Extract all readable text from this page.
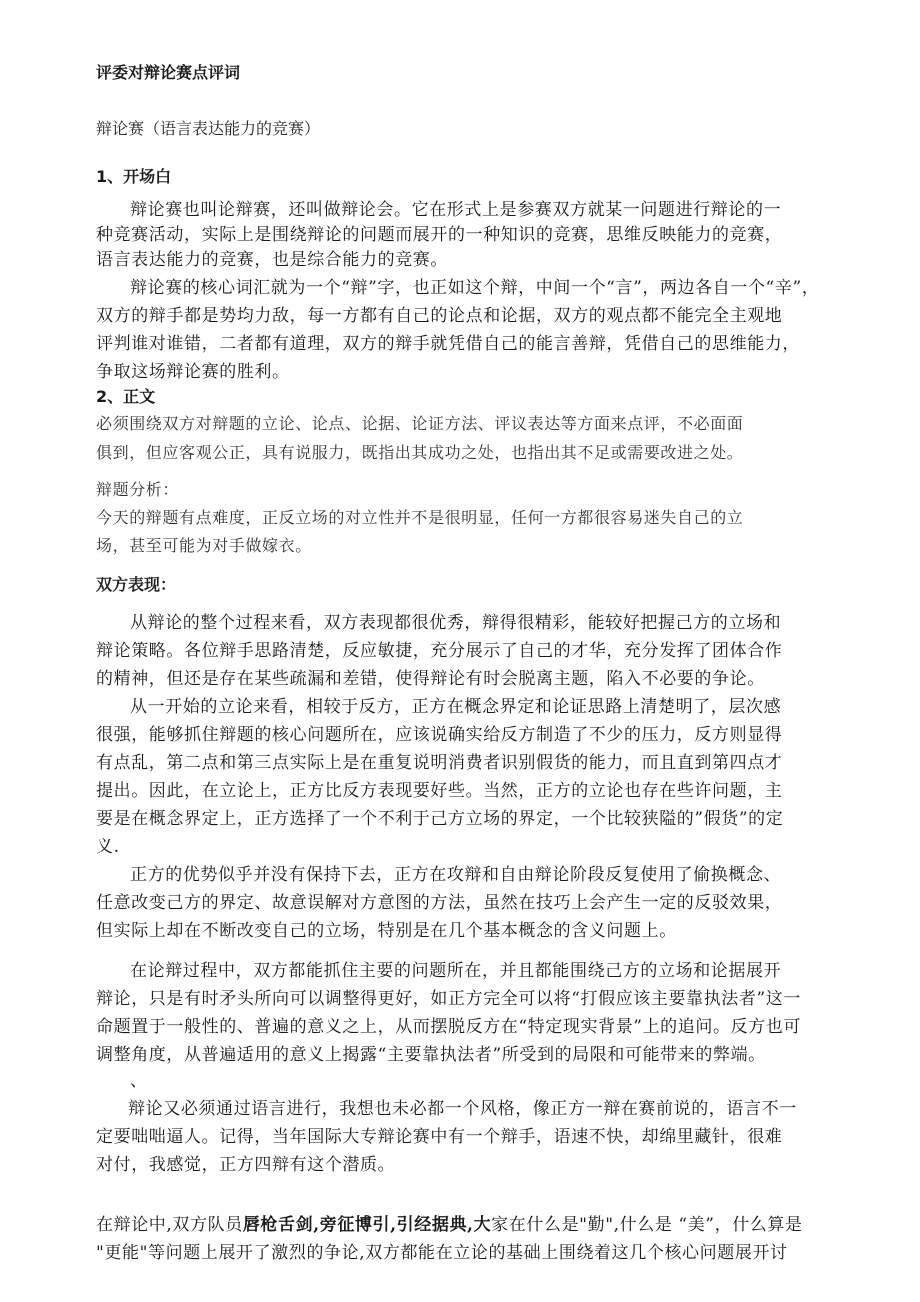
评委对辩论赛点评词
辩论赛（语言表达能力的竞赛）
1、开场白
辩论赛也叫论辩赛，还叫做辩论会。它在形式上是参赛双方就某一问题进行辩论的一
种竞赛活动，实际上是围绕辩论的问题而展开的一种知识的竞赛，思维反映能力的竞赛，
语言表达能力的竞赛，也是综合能力的竞赛。
辩论赛的核心词汇就为一个“辩”字，也正如这个辩，中间一个“言”，两边各自一个“辛”，
双方的辩手都是势均力敌，每一方都有自己的论点和论据，双方的观点都不能完全主观地
评判谁对谁错，二者都有道理，双方的辩手就凭借自己的能言善辩，凭借自己的思维能力，
争取这场辩论赛的胜利。
2、正文
必须围绕双方对辩题的立论、论点、论据、论证方法、评议表达等方面来点评，不必面面
俱到，但应客观公正，具有说服力，既指出其成功之处，也指出其不足或需要改进之处。
辩题分析：
今天的辩题有点难度，正反立场的对立性并不是很明显，任何一方都很容易迷失自己的立
场，甚至可能为对手做嫁衣。
双方表现：
从辩论的整个过程来看，双方表现都很优秀，辩得很精彩，能较好把握己方的立场和
辩论策略。各位辩手思路清楚，反应敏捷，充分展示了自己的才华，充分发挥了团体合作
的精神，但还是存在某些疏漏和差错，使得辩论有时会脱离主题，陷入不必要的争论。
从一开始的立论来看，相较于反方，正方在概念界定和论证思路上清楚明了，层次感
很强，能够抓住辩题的核心问题所在，应该说确实给反方制造了不少的压力，反方则显得
有点乱，第二点和第三点实际上是在重复说明消费者识别假货的能力，而且直到第四点才
提出。因此，在立论上，正方比反方表现要好些。当然，正方的立论也存在些许问题，主
要是在概念界定上，正方选择了一个不利于己方立场的界定，一个比较狭隘的”假货”的定
义.
正方的优势似乎并没有保持下去，正方在攻辩和自由辩论阶段反复使用了偷换概念、
任意改变己方的界定、故意误解对方意图的方法，虽然在技巧上会产生一定的反驳效果，
但实际上却在不断改变自己的立场，特别是在几个基本概念的含义问题上。
在论辩过程中，双方都能抓住主要的问题所在，并且都能围绕己方的立场和论据展开
辩论，只是有时矛头所向可以调整得更好，如正方完全可以将“打假应该主要靠执法者”这一
命题置于一般性的、普遍的意义之上，从而摆脱反方在“特定现实背景”上的追问。反方也可
调整角度，从普遍适用的意义上揭露“主要靠执法者”所受到的局限和可能带来的弊端。
、
辩论又必须通过语言进行，我想也未必都一个风格，像正方一辩在赛前说的，语言不一
定要咄咄逼人。记得，当年国际大专辩论赛中有一个辩手，语速不快，却绵里藏针，很难
对付，我感觉，正方四辩有这个潜质。
在辩论中,双方队员唇枪舌剑,旁征博引,引经据典,大家在什么是"勤",什么是 “美”，什么算是
"更能"等问题上展开了激烈的争论,双方都能在立论的基础上围绕着这几个核心问题展开讨
